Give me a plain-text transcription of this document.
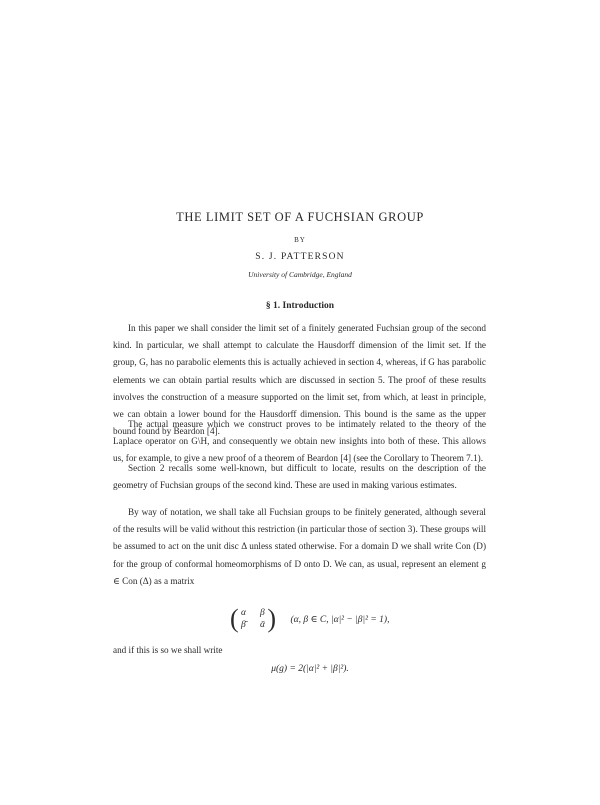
THE LIMIT SET OF A FUCHSIAN GROUP
BY
S. J. PATTERSON
University of Cambridge, England
§ 1. Introduction

In this paper we shall consider the limit set of a finitely generated Fuchsian group of the second kind. In particular, we shall attempt to calculate the Hausdorff dimension of the limit set. If the group, G, has no parabolic elements this is actually achieved in section 4, whereas, if G has parabolic elements we can obtain partial results which are discussed in section 5. The proof of these results involves the construction of a measure supported on the limit set, from which, at least in principle, we can obtain a lower bound for the Hausdorff dimension. This bound is the same as the upper bound found by Beardon [4].

The actual measure which we construct proves to be intimately related to the theory of the Laplace operator on G\H, and consequently we obtain new insights into both of these. This allows us, for example, to give a new proof of a theorem of Beardon [4] (see the Corollary to Theorem 7.1).

Section 2 recalls some well-known, but difficult to locate, results on the description of the geometry of Fuchsian groups of the second kind. These are used in making various estimates.

By way of notation, we shall take all Fuchsian groups to be finitely generated, although several of the results will be valid without this restriction (in particular those of section 3). These groups will be assumed to act on the unit disc Δ unless stated otherwise. For a domain D we shall write Con (D) for the group of conformal homeomorphisms of D onto D. We can, as usual, represent an element g ∈ Con (Δ) as a matrix

( α β
β̄ ᾱ ) (α, β ∈ C, |α|² − |β|² = 1),
and if this is so we shall write
μ(g) = 2(|α|² + |β|²).
